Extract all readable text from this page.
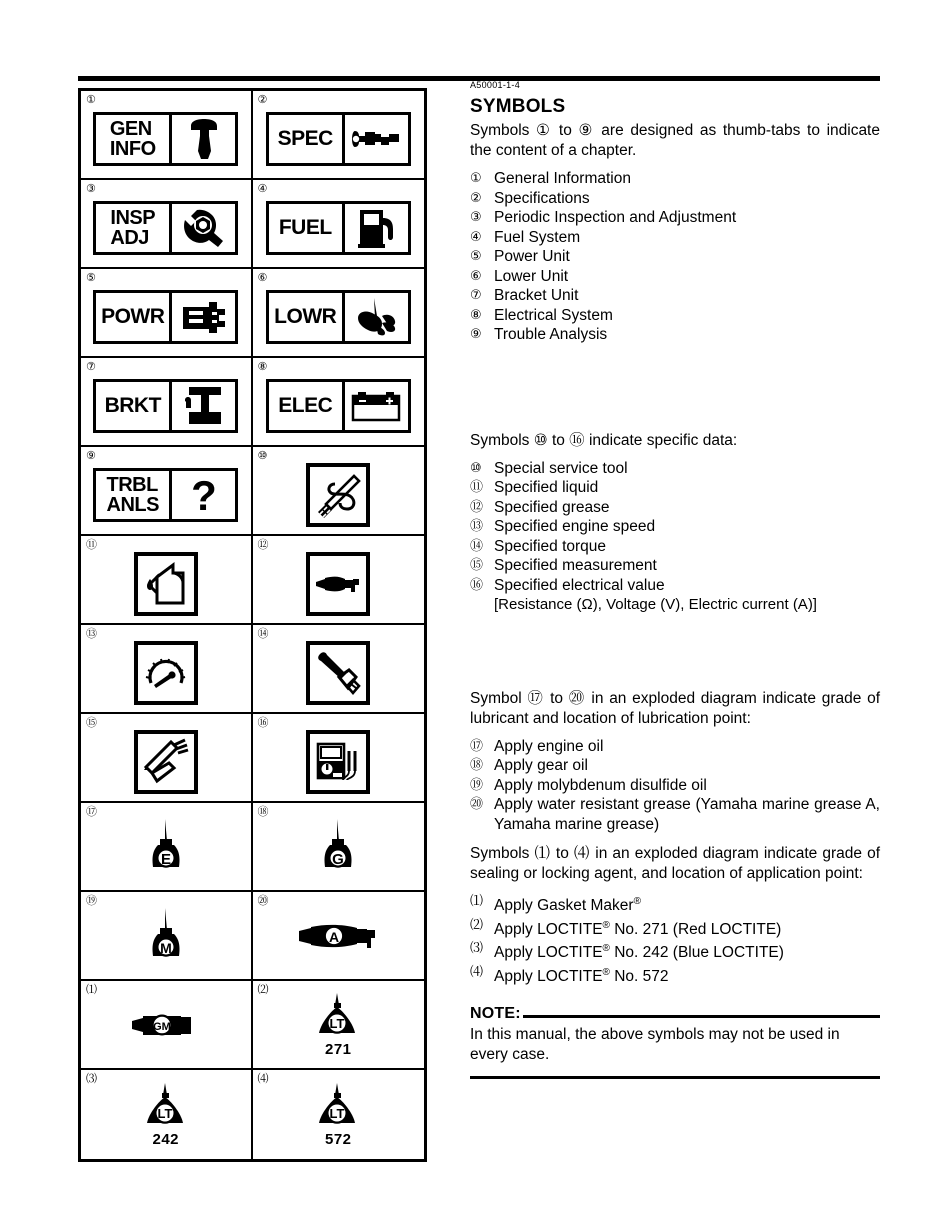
①
GEN
INFO
②
SPEC
③
INSP
ADJ
④
FUEL
⑤
POWR
⑥
LOWR
⑦
BRKT
⑧
ELEC
⑨
TRBL
ANLS ?
⑩
⑪	⑫
⑬	⑭
⑮	⑯
⑰
E
⑱
G
⑲
M
⑳
A
⑴
GM
⑵
LT
271
⑶
LT
242
⑷
LT
572
A50001-1-4
SYMBOLS

Symbols ① to ⑨ are designed as thumb-tabs to indicate the content of a chapter.

① General Information
② Specifications
③ Periodic Inspection and Adjustment
④ Fuel System
⑤ Power Unit
⑥ Lower Unit
⑦ Bracket Unit
⑧ Electrical System
⑨ Trouble Analysis

Symbols ⑩ to ⑯ indicate specific data:

⑩ Special service tool
⑪ Specified liquid
⑫ Specified grease
⑬ Specified engine speed
⑭ Specified torque
⑮ Specified measurement
⑯ Specified electrical value
[Resistance (Ω), Voltage (V), Electric current (A)]

Symbol ⑰ to ⑳ in an exploded diagram indicate grade of lubricant and location of lubrication point:

⑰ Apply engine oil
⑱ Apply gear oil
⑲ Apply molybdenum disulfide oil
⑳ Apply water resistant grease (Yamaha marine grease A, Yamaha marine grease)

Symbols ⑴ to ⑷ in an exploded diagram indicate grade of sealing or locking agent, and location of application point:

⑴ Apply Gasket Maker®
⑵ Apply LOCTITE® No. 271 (Red LOCTITE)
⑶ Apply LOCTITE® No. 242 (Blue LOCTITE)
⑷ Apply LOCTITE® No. 572
NOTE:
In this manual, the above symbols may not be used in every case.
